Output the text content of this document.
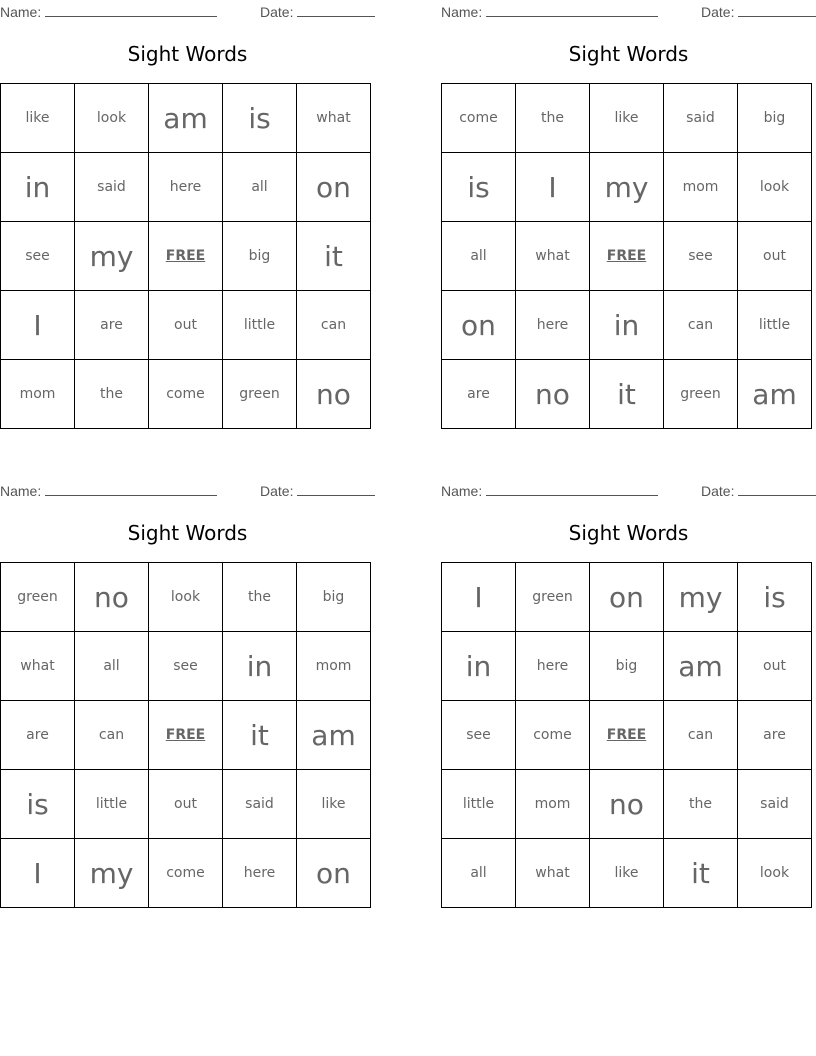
Name:	Date:
Sight Words
like	look	am	is	what
in	said	here	all	on
see	my	FREE	big	it
I	are	out	little	can
mom	the	come	green	no
Name:	Date:
Sight Words
come	the	like	said	big
is	I	my	mom	look
all	what	FREE	see	out
on	here	in	can	little
are	no	it	green	am
Name:	Date:
Sight Words
green	no	look	the	big
what	all	see	in	mom
are	can	FREE	it	am
is	little	out	said	like
I	my	come	here	on
Name:	Date:
Sight Words
I	green	on	my	is
in	here	big	am	out
see	come	FREE	can	are
little	mom	no	the	said
all	what	like	it	look
